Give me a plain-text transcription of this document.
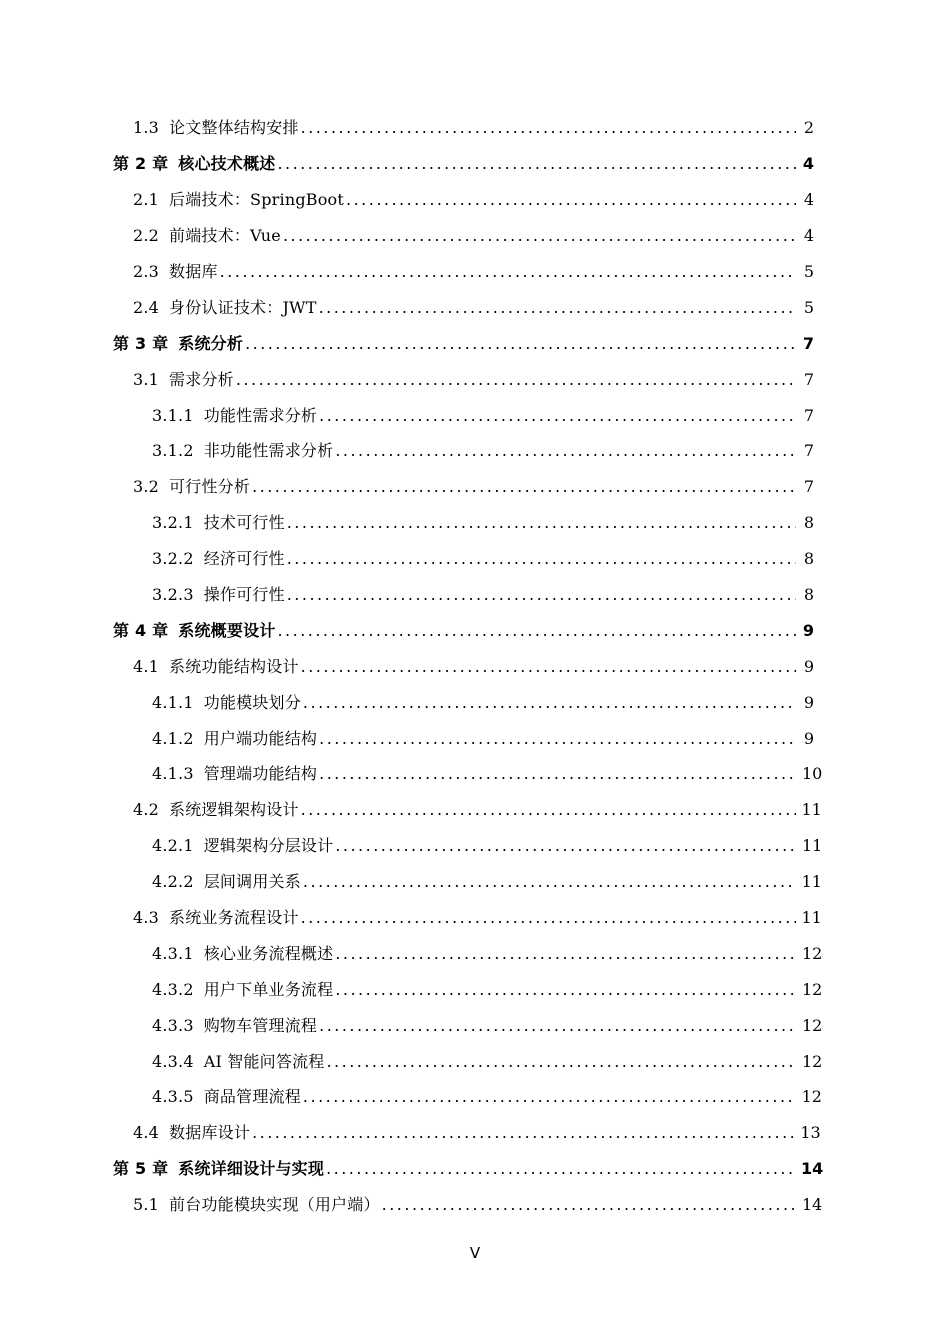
1.3 论文整体结构安排 . . .	2
第 2 章 核心技术概述 . . .	4
2.1 后端技术：SpringBoot . . .	4
2.2 前端技术：Vue . . .	4
2.3 数据库 . . .	5
2.4 身份认证技术：JWT . . .	5
第 3 章 系统分析 . . .	7
3.1 需求分析 . . .	7
3.1.1 功能性需求分析 . . .	7
3.1.2 非功能性需求分析 . . .	7
3.2 可行性分析 . . .	7
3.2.1 技术可行性 . . .	8
3.2.2 经济可行性 . . .	8
3.2.3 操作可行性 . . .	8
第 4 章 系统概要设计 . . .	9
4.1 系统功能结构设计 . . .	9
4.1.1 功能模块划分 . . .	9
4.1.2 用户端功能结构 . . .	9
4.1.3 管理端功能结构 . . .	10
4.2 系统逻辑架构设计 . . .	11
4.2.1 逻辑架构分层设计 . . .	11
4.2.2 层间调用关系 . . .	11
4.3 系统业务流程设计 . . .	11
4.3.1 核心业务流程概述 . . .	12
4.3.2 用户下单业务流程 . . .	12
4.3.3 购物车管理流程 . . .	12
4.3.4 AI 智能问答流程 . . .	12
4.3.5 商品管理流程 . . .	12
4.4 数据库设计 . . .	13
第 5 章 系统详细设计与实现 . . .	14
5.1 前台功能模块实现（用户端） . . .	14
V
